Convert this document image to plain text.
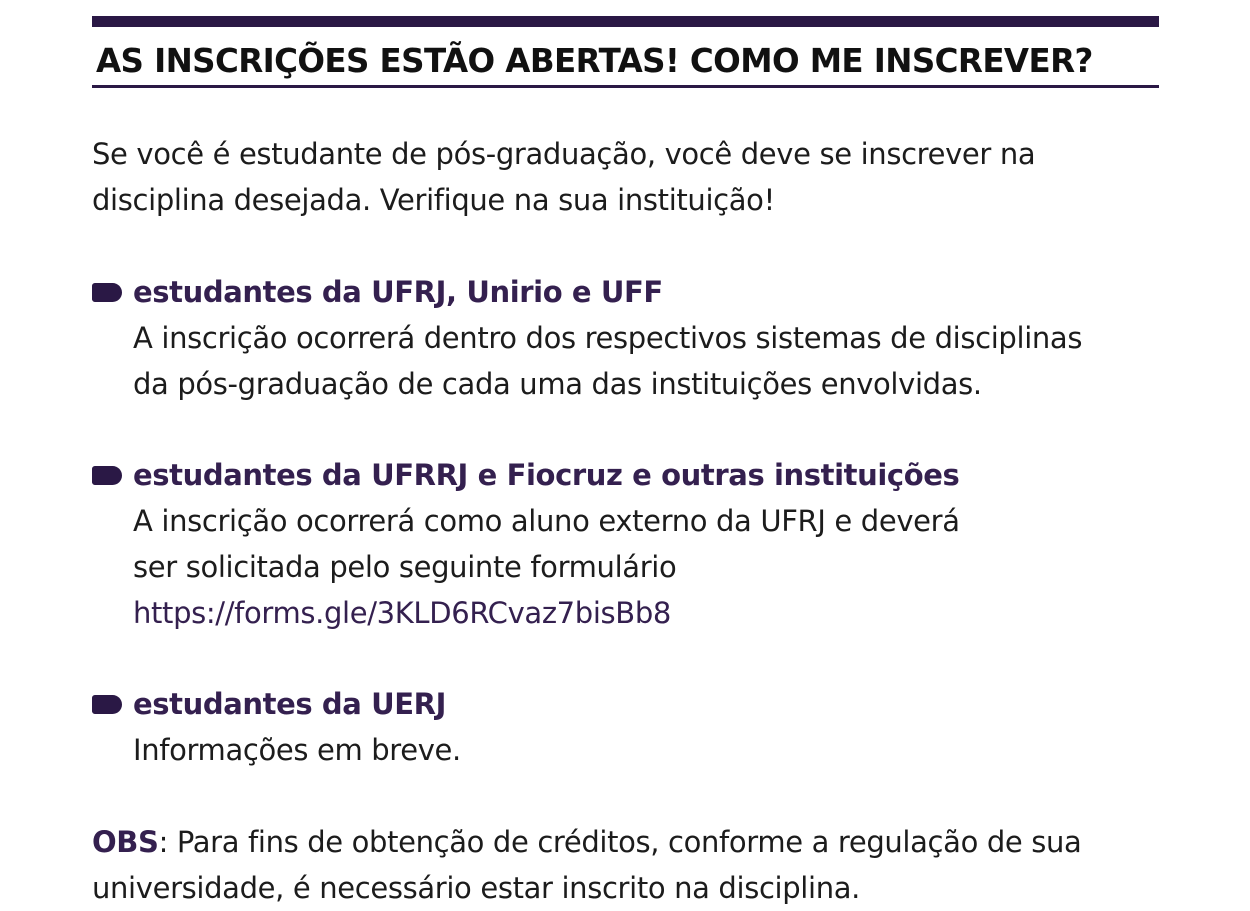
AS INSCRIÇÕES ESTÃO ABERTAS! COMO ME INSCREVER?

Se você é estudante de pós-graduação, você deve se inscrever na

disciplina desejada. Verifique na sua instituição!

estudantes da UFRJ, Unirio e UFF

A inscrição ocorrerá dentro dos respectivos sistemas de disciplinas

da pós-graduação de cada uma das instituições envolvidas.

estudantes da UFRRJ e Fiocruz e outras instituições

A inscrição ocorrerá como aluno externo da UFRJ e deverá

ser solicitada pelo seguinte formulário

https://forms.gle/3KLD6RCvaz7bisBb8

estudantes da UERJ

Informações em breve.

OBS: Para fins de obtenção de créditos, conforme a regulação de sua

universidade, é necessário estar inscrito na disciplina.
